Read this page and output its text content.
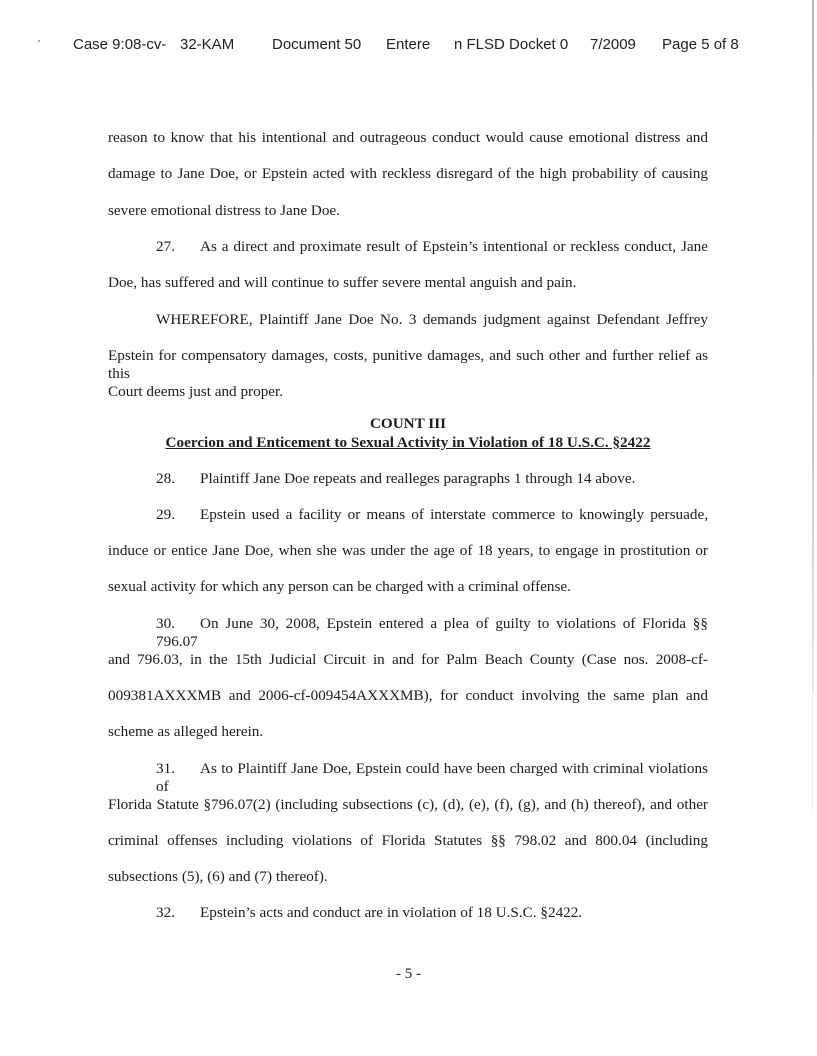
Case 9:08-cv- 32-KAM	Document 50 Entere n FLSD Docket 0 7/2009 Page 5 of 8
reason to know that his intentional and outrageous conduct would cause emotional distress and
damage to Jane Doe, or Epstein acted with reckless disregard of the high probability of causing
severe emotional distress to Jane Doe.
27. As a direct and proximate result of Epstein’s intentional or reckless conduct, Jane
Doe, has suffered and will continue to suffer severe mental anguish and pain.
WHEREFORE, Plaintiff Jane Doe No. 3 demands judgment against Defendant Jeffrey
Epstein for compensatory damages, costs, punitive damages, and such other and further relief as this
Court deems just and proper.
COUNT III
Coercion and Enticement to Sexual Activity in Violation of 18 U.S.C. §2422
28. Plaintiff Jane Doe repeats and realleges paragraphs 1 through 14 above.
29. Epstein used a facility or means of interstate commerce to knowingly persuade,
induce or entice Jane Doe, when she was under the age of 18 years, to engage in prostitution or
sexual activity for which any person can be charged with a criminal offense.
30. On June 30, 2008, Epstein entered a plea of guilty to violations of Florida §§ 796.07
and 796.03, in the 15th Judicial Circuit in and for Palm Beach County (Case nos. 2008-cf-
009381AXXXMB and 2006-cf-009454AXXXMB), for conduct involving the same plan and
scheme as alleged herein.
31. As to Plaintiff Jane Doe, Epstein could have been charged with criminal violations of
Florida Statute §796.07(2) (including subsections (c), (d), (e), (f), (g), and (h) thereof), and other
criminal offenses including violations of Florida Statutes §§ 798.02 and 800.04 (including
subsections (5), (6) and (7) thereof).
32. Epstein’s acts and conduct are in violation of 18 U.S.C. §2422.
- 5 -
